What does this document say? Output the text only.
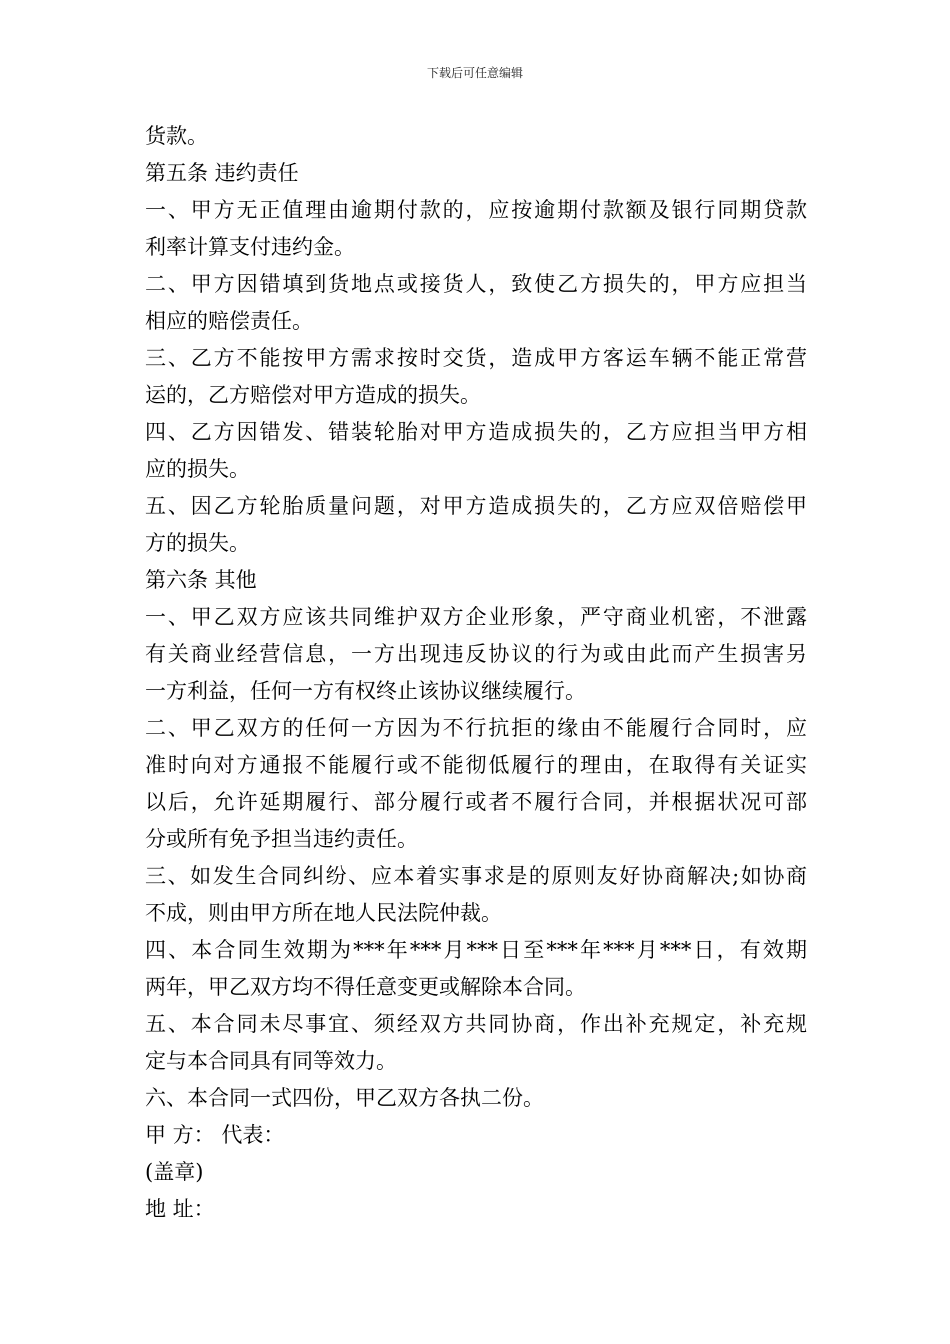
下载后可任意编辑
货款。
第五条 违约责任
一、甲方无正值理由逾期付款的，应按逾期付款额及银行同期贷款
利率计算支付违约金。
二、甲方因错填到货地点或接货人，致使乙方损失的，甲方应担当
相应的赔偿责任。
三、乙方不能按甲方需求按时交货，造成甲方客运车辆不能正常营
运的，乙方赔偿对甲方造成的损失。
四、乙方因错发、错装轮胎对甲方造成损失的，乙方应担当甲方相
应的损失。
五、因乙方轮胎质量问题，对甲方造成损失的，乙方应双倍赔偿甲
方的损失。
第六条 其他
一、甲乙双方应该共同维护双方企业形象，严守商业机密，不泄露
有关商业经营信息，一方出现违反协议的行为或由此而产生损害另
一方利益，任何一方有权终止该协议继续履行。
二、甲乙双方的任何一方因为不行抗拒的缘由不能履行合同时，应
准时向对方通报不能履行或不能彻低履行的理由，在取得有关证实
以后，允许延期履行、部分履行或者不履行合同，并根据状况可部
分或所有免予担当违约责任。
三、如发生合同纠纷、应本着实事求是的原则友好协商解决;如协商
不成，则由甲方所在地人民法院仲裁。
四、本合同生效期为***年***月***日至***年***月***日，有效期
两年，甲乙双方均不得任意变更或解除本合同。
五、本合同未尽事宜、须经双方共同协商，作出补充规定，补充规
定与本合同具有同等效力。
六、本合同一式四份，甲乙双方各执二份。
甲 方： 代表：
(盖章)
地 址：
